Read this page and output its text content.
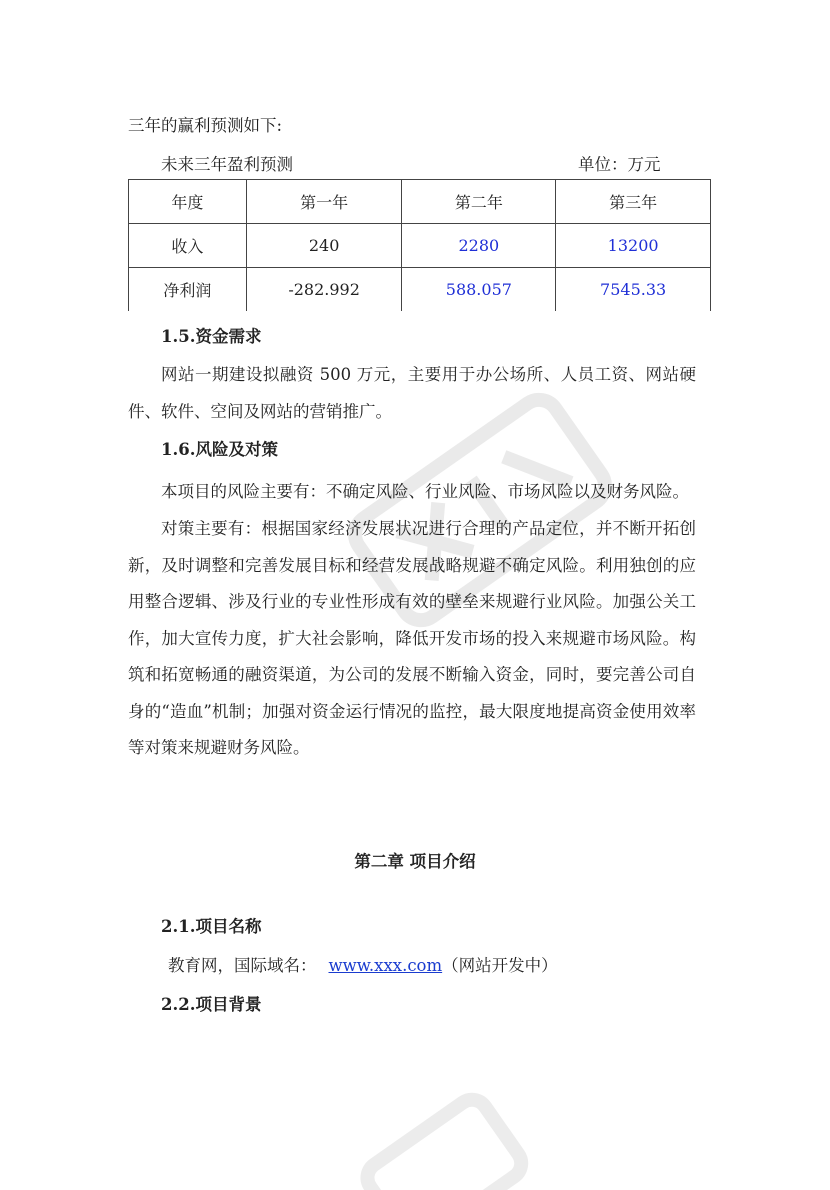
三年的赢利预测如下:
未来三年盈利预测	单位：万元
年度	第一年	第二年	第三年
收入	240	2280	13200
净利润	-282.992	588.057	7545.33
1.5.资金需求

网站一期建设拟融资 500 万元，主要用于办公场所、人员工资、网站硬件、软件、空间及网站的营销推广。

1.6.风险及对策

本项目的风险主要有：不确定风险、行业风险、市场风险以及财务风险。

对策主要有：根据国家经济发展状况进行合理的产品定位，并不断开拓创新，及时调整和完善发展目标和经营发展战略规避不确定风险。利用独创的应用整合逻辑、涉及行业的专业性形成有效的壁垒来规避行业风险。加强公关工作，加大宣传力度，扩大社会影响，降低开发市场的投入来规避市场风险。构筑和拓宽畅通的融资渠道，为公司的发展不断输入资金，同时，要完善公司自身的“造血”机制；加强对资金运行情况的监控，最大限度地提高资金使用效率等对策来规避财务风险。

第二章 项目介绍
2.1.项目名称
教育网，国际域名： www.xxx.com（网站开发中）
2.2.项目背景
